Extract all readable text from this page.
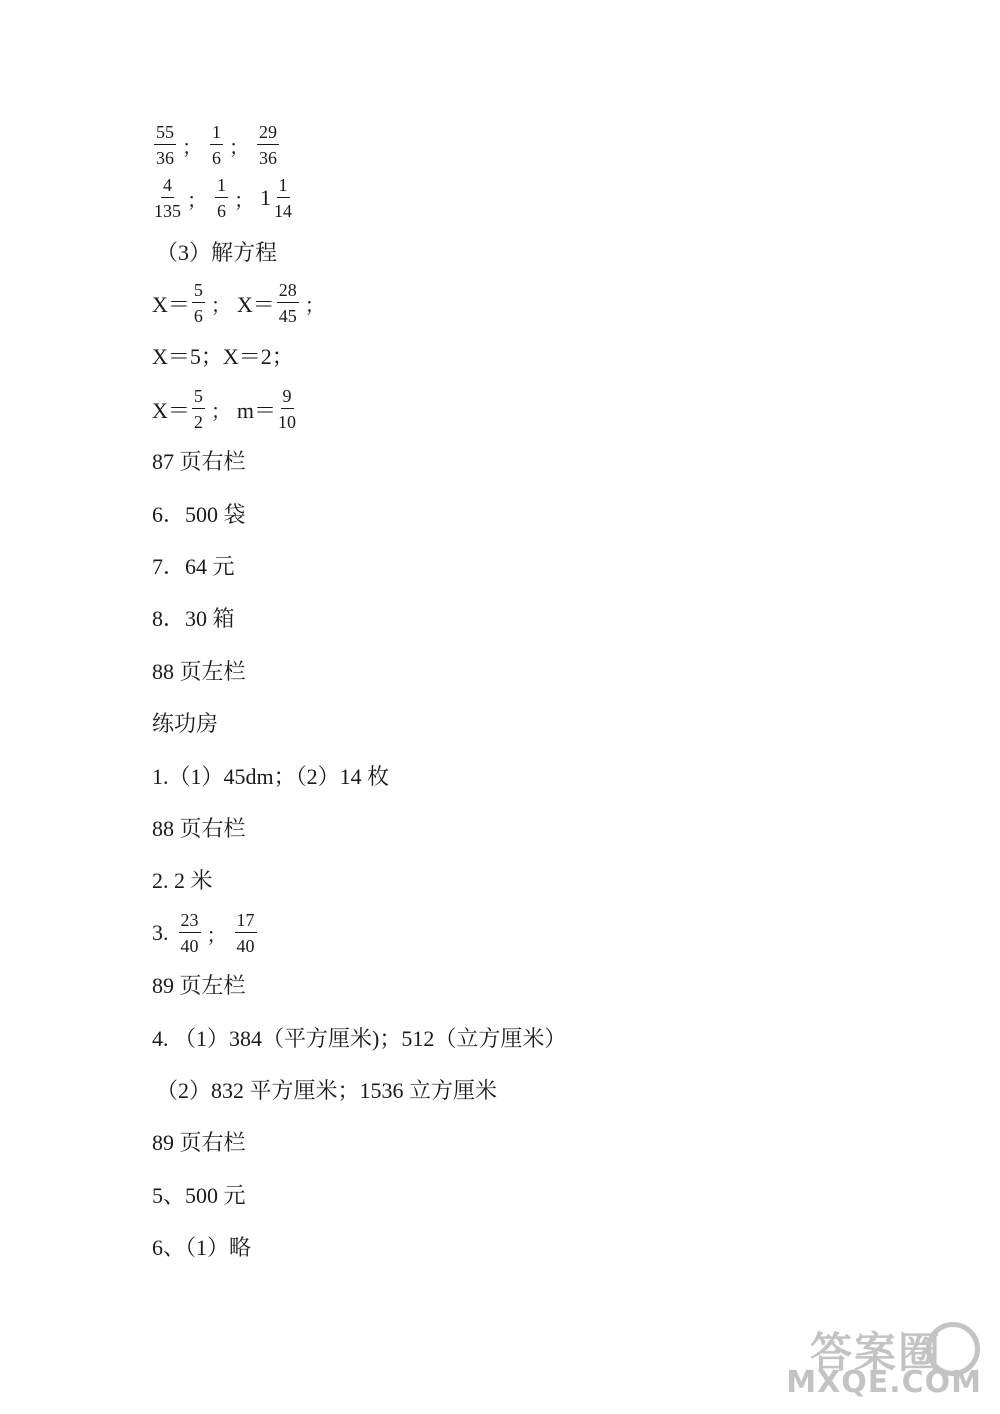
$\frac{55}{36}$ ； $\frac{1}{6}$ ； $\frac{29}{36}$
$\frac{4}{135}$ ； $\frac{1}{6}$ ； $1 \frac{1}{14}$
（3）解方程
$X= \frac{5}{6}$ ； $X= \frac{28}{45}$ ；
X＝5；X＝2；
$X= \frac{5}{2}$ ； $m= \frac{9}{10}$
87 页右栏
6．500 袋
7．64 元
8．30 箱
88 页左栏
练功房
1.（1）45dm；（2）14 枚
88 页右栏
2. 2 米
3. $\frac{23}{40}$ ； $\frac{17}{40}$
89 页左栏
4. （1）384（平方厘米)；512（立方厘米）
（2）832 平方厘米；1536 立方厘米
89 页右栏
5、500 元
6、（1）略
答案圈
MXQE.COM
